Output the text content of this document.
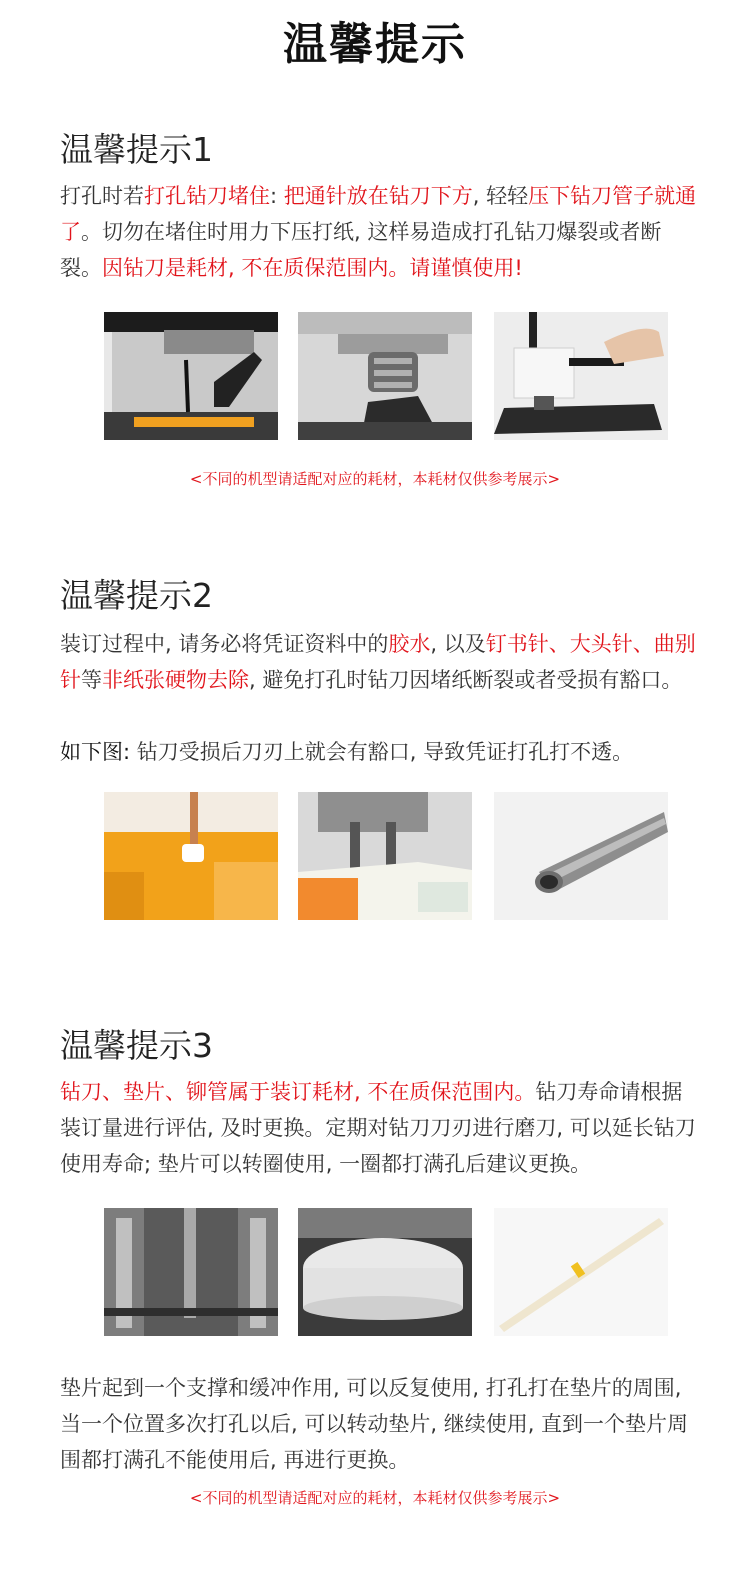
温馨提示
温馨提示1
打孔时若打孔钻刀堵住: 把通针放在钻刀下方, 轻轻压下钻刀管子就通了。切勿在堵住时用力下压打纸, 这样易造成打孔钻刀爆裂或者断裂。因钻刀是耗材, 不在质保范围内。请谨慎使用!
<不同的机型请适配对应的耗材，本耗材仅供参考展示>
温馨提示2
装订过程中, 请务必将凭证资料中的胶水, 以及钉书针、大头针、曲别针等非纸张硬物去除, 避免打孔时钻刀因堵纸断裂或者受损有豁口。
如下图: 钻刀受损后刀刃上就会有豁口, 导致凭证打孔打不透。
温馨提示3
钻刀、垫片、铆管属于装订耗材, 不在质保范围内。钻刀寿命请根据装订量进行评估, 及时更换。定期对钻刀刀刃进行磨刀, 可以延长钻刀使用寿命; 垫片可以转圈使用, 一圈都打满孔后建议更换。
垫片起到一个支撑和缓冲作用, 可以反复使用, 打孔打在垫片的周围, 当一个位置多次打孔以后, 可以转动垫片, 继续使用, 直到一个垫片周围都打满孔不能使用后, 再进行更换。
<不同的机型请适配对应的耗材，本耗材仅供参考展示>
